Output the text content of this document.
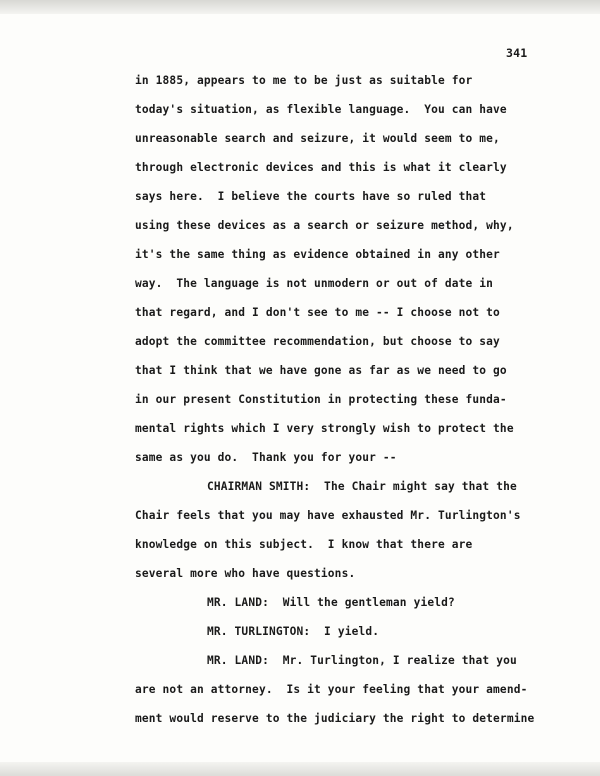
341
in 1885, appears to me to be just as suitable for
today's situation, as flexible language.  You can have
unreasonable search and seizure, it would seem to me,
through electronic devices and this is what it clearly
says here.  I believe the courts have so ruled that
using these devices as a search or seizure method, why,
it's the same thing as evidence obtained in any other
way.  The language is not unmodern or out of date in
that regard, and I don't see to me -- I choose not to
adopt the committee recommendation, but choose to say
that I think that we have gone as far as we need to go
in our present Constitution in protecting these funda-
mental rights which I very strongly wish to protect the
same as you do.  Thank you for your --
CHAIRMAN SMITH:  The Chair might say that the
Chair feels that you may have exhausted Mr. Turlington's
knowledge on this subject.  I know that there are
several more who have questions.
MR. LAND:  Will the gentleman yield?
MR. TURLINGTON:  I yield.
MR. LAND:  Mr. Turlington, I realize that you
are not an attorney.  Is it your feeling that your amend-
ment would reserve to the judiciary the right to determine
